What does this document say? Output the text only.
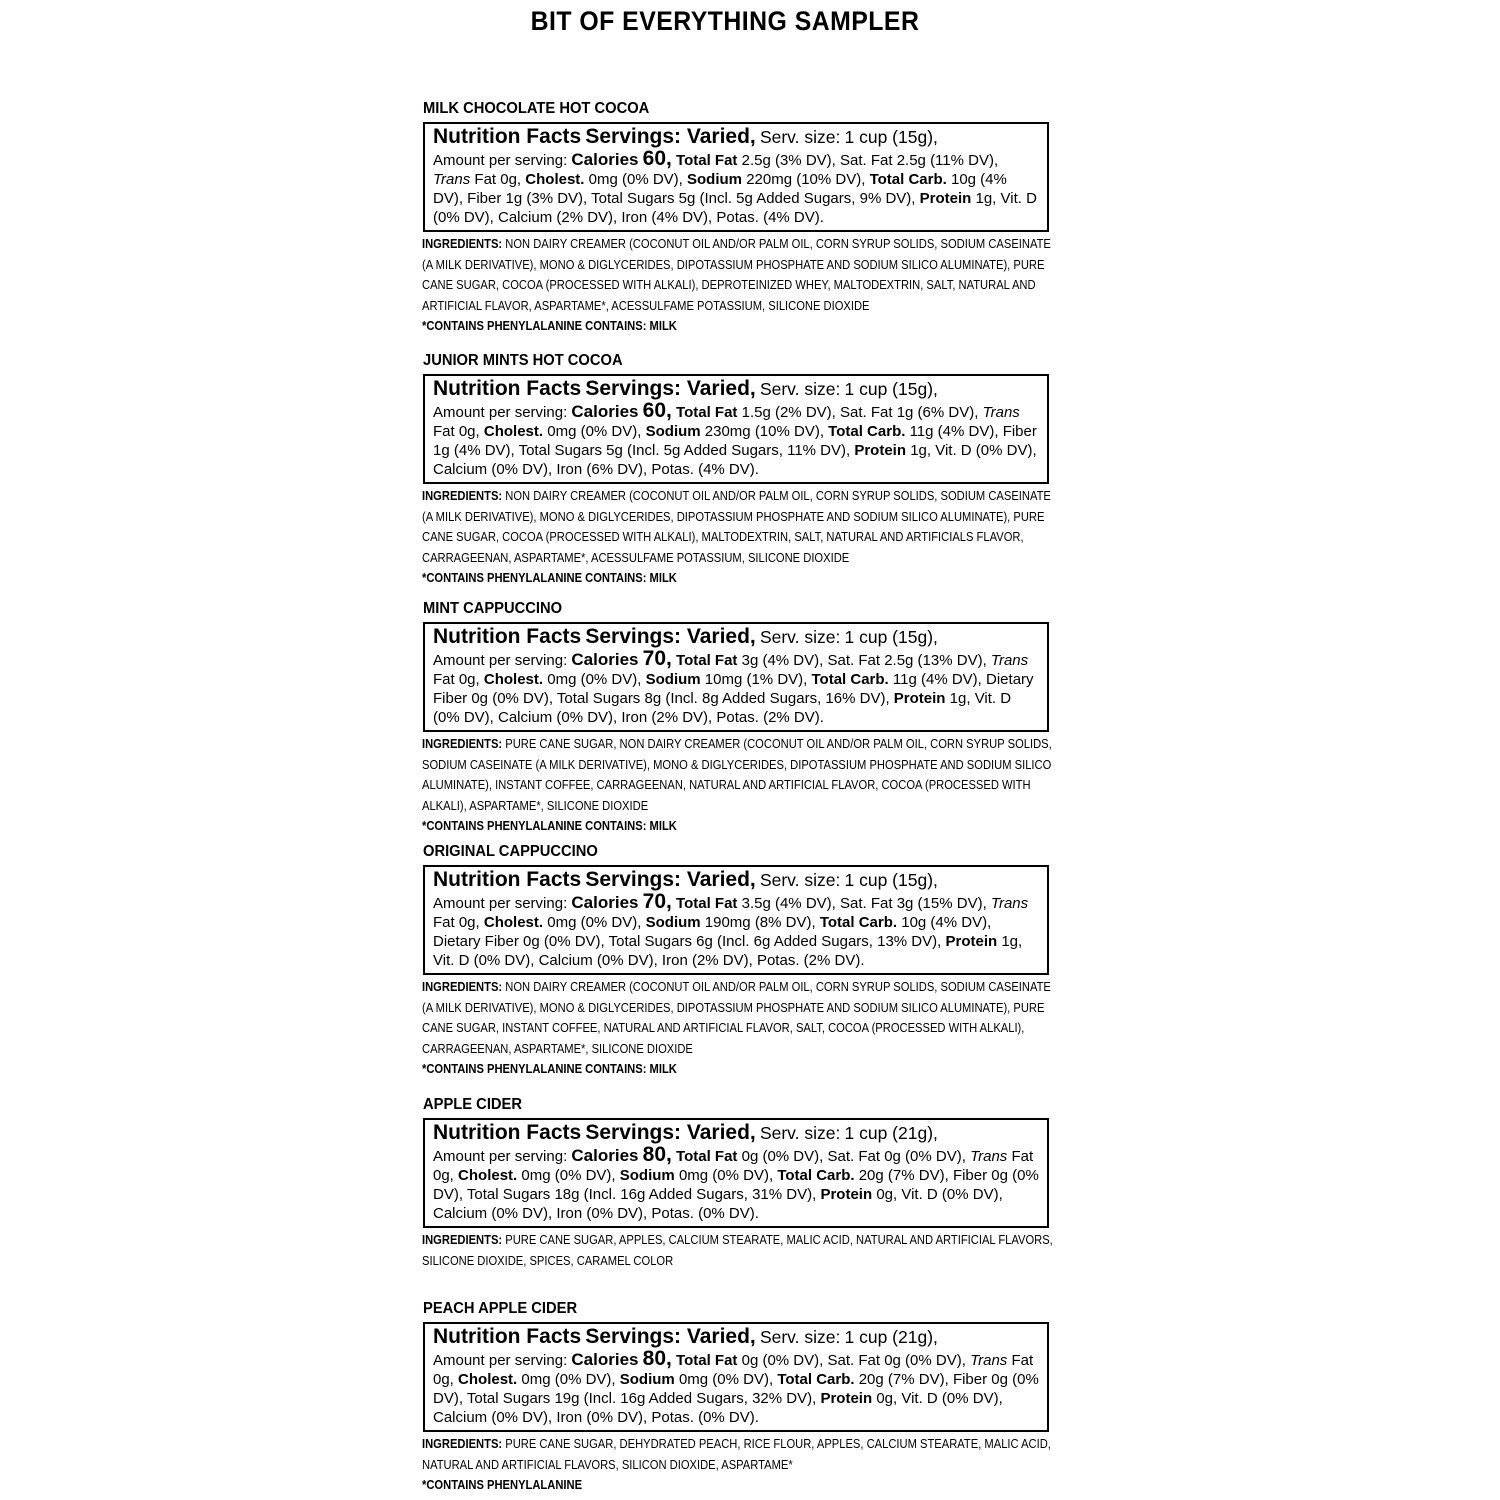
BIT OF EVERYTHING SAMPLER
MILK CHOCOLATE HOT COCOA
Nutrition Facts Servings: Varied, Serv. size: 1 cup (15g),
Amount per serving: Calories 60, Total Fat 2.5g (3% DV), Sat. Fat 2.5g (11% DV), Trans Fat 0g, Cholest. 0mg (0% DV), Sodium 220mg (10% DV), Total Carb. 10g (4% DV), Fiber 1g (3% DV), Total Sugars 5g (Incl. 5g Added Sugars, 9% DV), Protein 1g, Vit. D (0% DV), Calcium (2% DV), Iron (4% DV), Potas. (4% DV).
INGREDIENTS: NON DAIRY CREAMER (COCONUT OIL AND/OR PALM OIL, CORN SYRUP SOLIDS, SODIUM CASEINATE (A MILK DERIVATIVE), MONO & DIGLYCERIDES, DIPOTASSIUM PHOSPHATE AND SODIUM SILICO ALUMINATE), PURE CANE SUGAR, COCOA (PROCESSED WITH ALKALI), DEPROTEINIZED WHEY, MALTODEXTRIN, SALT, NATURAL AND ARTIFICIAL FLAVOR, ASPARTAME*, ACESSULFAME POTASSIUM, SILICONE DIOXIDE
*CONTAINS PHENYLALANINE CONTAINS: MILK
JUNIOR MINTS HOT COCOA
Nutrition Facts Servings: Varied, Serv. size: 1 cup (15g),
Amount per serving: Calories 60, Total Fat 1.5g (2% DV), Sat. Fat 1g (6% DV), Trans Fat 0g, Cholest. 0mg (0% DV), Sodium 230mg (10% DV), Total Carb. 11g (4% DV), Fiber 1g (4% DV), Total Sugars 5g (Incl. 5g Added Sugars, 11% DV), Protein 1g, Vit. D (0% DV), Calcium (0% DV), Iron (6% DV), Potas. (4% DV).
INGREDIENTS: NON DAIRY CREAMER (COCONUT OIL AND/OR PALM OIL, CORN SYRUP SOLIDS, SODIUM CASEINATE (A MILK DERIVATIVE), MONO & DIGLYCERIDES, DIPOTASSIUM PHOSPHATE AND SODIUM SILICO ALUMINATE), PURE CANE SUGAR, COCOA (PROCESSED WITH ALKALI), MALTODEXTRIN, SALT, NATURAL AND ARTIFICIALS FLAVOR, CARRAGEENAN, ASPARTAME*, ACESSULFAME POTASSIUM, SILICONE DIOXIDE
*CONTAINS PHENYLALANINE CONTAINS: MILK
MINT CAPPUCCINO
Nutrition Facts Servings: Varied, Serv. size: 1 cup (15g),
Amount per serving: Calories 70, Total Fat 3g (4% DV), Sat. Fat 2.5g (13% DV), Trans Fat 0g, Cholest. 0mg (0% DV), Sodium 10mg (1% DV), Total Carb. 11g (4% DV), Dietary Fiber 0g (0% DV), Total Sugars 8g (Incl. 8g Added Sugars, 16% DV), Protein 1g, Vit. D (0% DV), Calcium (0% DV), Iron (2% DV), Potas. (2% DV).
INGREDIENTS: PURE CANE SUGAR, NON DAIRY CREAMER (COCONUT OIL AND/OR PALM OIL, CORN SYRUP SOLIDS, SODIUM CASEINATE (A MILK DERIVATIVE), MONO & DIGLYCERIDES, DIPOTASSIUM PHOSPHATE AND SODIUM SILICO ALUMINATE), INSTANT COFFEE, CARRAGEENAN, NATURAL AND ARTIFICIAL FLAVOR, COCOA (PROCESSED WITH ALKALI), ASPARTAME*, SILICONE DIOXIDE
*CONTAINS PHENYLALANINE CONTAINS: MILK
ORIGINAL CAPPUCCINO
Nutrition Facts Servings: Varied, Serv. size: 1 cup (15g),
Amount per serving: Calories 70, Total Fat 3.5g (4% DV), Sat. Fat 3g (15% DV), Trans Fat 0g, Cholest. 0mg (0% DV), Sodium 190mg (8% DV), Total Carb. 10g (4% DV), Dietary Fiber 0g (0% DV), Total Sugars 6g (Incl. 6g Added Sugars, 13% DV), Protein 1g, Vit. D (0% DV), Calcium (0% DV), Iron (2% DV), Potas. (2% DV).
INGREDIENTS: NON DAIRY CREAMER (COCONUT OIL AND/OR PALM OIL, CORN SYRUP SOLIDS, SODIUM CASEINATE (A MILK DERIVATIVE), MONO & DIGLYCERIDES, DIPOTASSIUM PHOSPHATE AND SODIUM SILICO ALUMINATE), PURE CANE SUGAR, INSTANT COFFEE, NATURAL AND ARTIFICIAL FLAVOR, SALT, COCOA (PROCESSED WITH ALKALI), CARRAGEENAN, ASPARTAME*, SILICONE DIOXIDE
*CONTAINS PHENYLALANINE CONTAINS: MILK
APPLE CIDER
Nutrition Facts Servings: Varied, Serv. size: 1 cup (21g),
Amount per serving: Calories 80, Total Fat 0g (0% DV), Sat. Fat 0g (0% DV), Trans Fat 0g, Cholest. 0mg (0% DV), Sodium 0mg (0% DV), Total Carb. 20g (7% DV), Fiber 0g (0% DV), Total Sugars 18g (Incl. 16g Added Sugars, 31% DV), Protein 0g, Vit. D (0% DV), Calcium (0% DV), Iron (0% DV), Potas. (0% DV).
INGREDIENTS: PURE CANE SUGAR, APPLES, CALCIUM STEARATE, MALIC ACID, NATURAL AND ARTIFICIAL FLAVORS, SILICONE DIOXIDE, SPICES, CARAMEL COLOR
PEACH APPLE CIDER
Nutrition Facts Servings: Varied, Serv. size: 1 cup (21g),
Amount per serving: Calories 80, Total Fat 0g (0% DV), Sat. Fat 0g (0% DV), Trans Fat 0g, Cholest. 0mg (0% DV), Sodium 0mg (0% DV), Total Carb. 20g (7% DV), Fiber 0g (0% DV), Total Sugars 19g (Incl. 16g Added Sugars, 32% DV), Protein 0g, Vit. D (0% DV), Calcium (0% DV), Iron (0% DV), Potas. (0% DV).
INGREDIENTS: PURE CANE SUGAR, DEHYDRATED PEACH, RICE FLOUR, APPLES, CALCIUM STEARATE, MALIC ACID, NATURAL AND ARTIFICIAL FLAVORS, SILICON DIOXIDE, ASPARTAME*
*CONTAINS PHENYLALANINE
